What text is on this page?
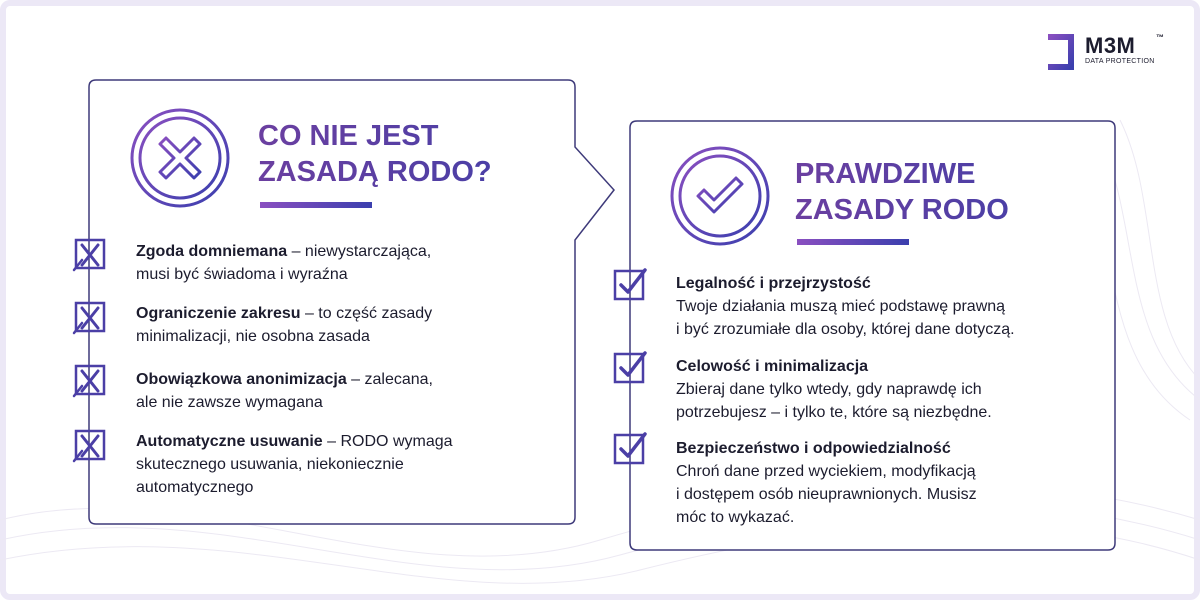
M3M	™
DATA PROTECTION
CO NIE JEST
ZASADĄ RODO?
Zgoda domniemana – niewystarczająca,
musi być świadoma i wyraźna
Ograniczenie zakresu – to część zasady
minimalizacji, nie osobna zasada
Obowiązkowa anonimizacja – zalecana,
ale nie zawsze wymagana
Automatyczne usuwanie – RODO wymaga
skutecznego usuwania, niekoniecznie
automatycznego
PRAWDZIWE
ZASADY RODO
Legalność i przejrzystość
Twoje działania muszą mieć podstawę prawną
i być zrozumiałe dla osoby, której dane dotyczą.
Celowość i minimalizacja
Zbieraj dane tylko wtedy, gdy naprawdę ich
potrzebujesz – i tylko te, które są niezbędne.
Bezpieczeństwo i odpowiedzialność
Chroń dane przed wyciekiem, modyfikacją
i dostępem osób nieuprawnionych. Musisz
móc to wykazać.
